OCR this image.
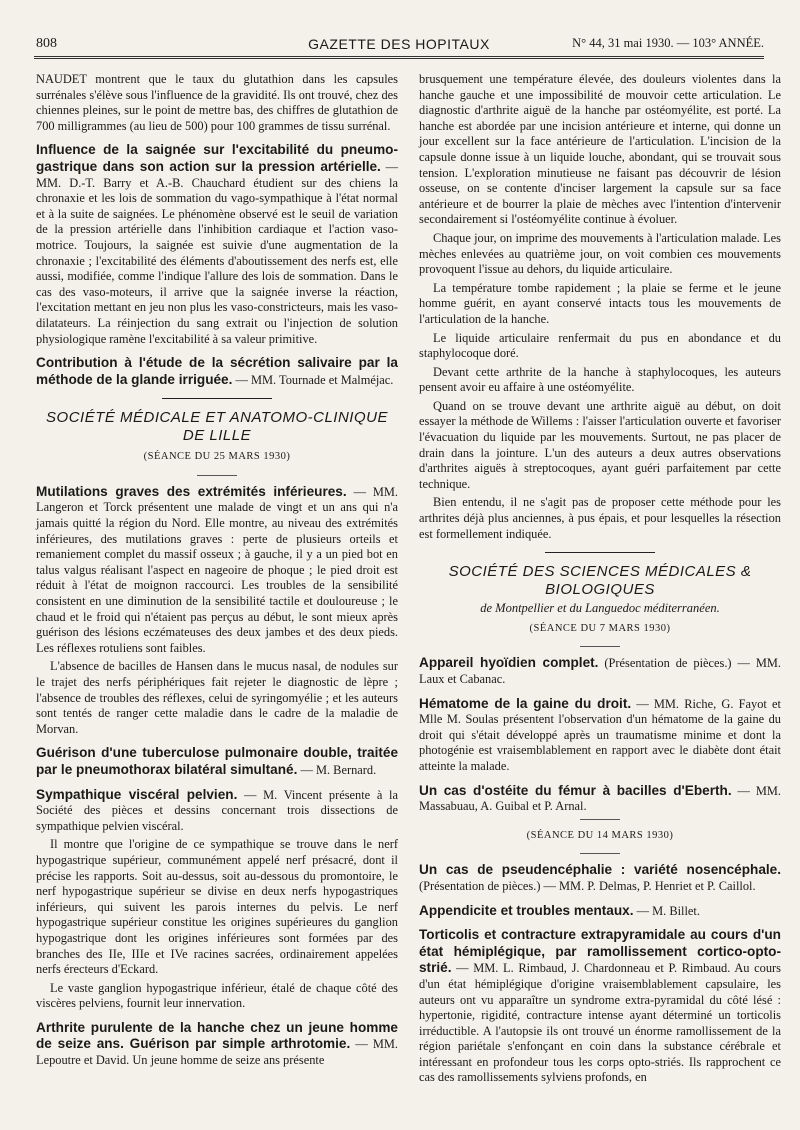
808	GAZETTE DES HOPITAUX	N° 44, 31 mai 1930. — 103° ANNÉE.

NAUDET montrent que le taux du glutathion dans les capsules surrénales s'élève sous l'influence de la gravidité. Ils ont trouvé, chez des chiennes pleines, sur le point de mettre bas, des chiffres de glutathion de 700 milligrammes (au lieu de 500) pour 100 grammes de tissu surrénal.

Influence de la saignée sur l'excitabilité du pneumo-gastrique dans son action sur la pression artérielle. — MM. D.-T. Barry et A.-B. Chauchard étudient sur des chiens la chronaxie et les lois de sommation du vago-sympathique à l'état normal et à la suite de saignées. Le phénomène observé est le seuil de variation de la pression artérielle dans l'inhibition cardiaque et l'action vaso-motrice. Toujours, la saignée est suivie d'une augmentation de la chronaxie ; l'excitabilité des éléments d'aboutissement des nerfs est, elle aussi, modifiée, comme l'indique l'allure des lois de sommation. Dans le cas des vaso-moteurs, il arrive que la saignée inverse la réaction, l'excitation mettant en jeu non plus les vaso-constricteurs, mais les vaso-dilatateurs. La réinjection du sang extrait ou l'injection de solution physiologique ramène l'excitabilité à sa valeur primitive.
Contribution à l'étude de la sécrétion salivaire par la méthode de la glande irriguée. — MM. Tournade et Malméjac.
SOCIÉTÉ MÉDICALE ET ANATOMO-CLINIQUE DE LILLE
(SÉANCE DU 25 MARS 1930)
Mutilations graves des extrémités inférieures. — MM. Langeron et Torck présentent une malade de vingt et un ans qui n'a jamais quitté la région du Nord. Elle montre, au niveau des extrémités inférieures, des mutilations graves : perte de plusieurs orteils et remaniement complet du massif osseux ; à gauche, il y a un pied bot en talus valgus réalisant l'aspect en nageoire de phoque ; le pied droit est réduit à l'état de moignon raccourci. Les troubles de la sensibilité consistent en une diminution de la sensibilité tactile et douloureuse ; le chaud et le froid qui n'étaient pas perçus au début, le sont mieux après guérison des lésions eczémateuses des deux jambes et des deux pieds. Les réflexes rotuliens sont faibles.

L'absence de bacilles de Hansen dans le mucus nasal, de nodules sur le trajet des nerfs périphériques fait rejeter le diagnostic de lèpre ; l'absence de troubles des réflexes, celui de syringomyélie ; et les auteurs sont tentés de ranger cette maladie dans le cadre de la maladie de Morvan.

Guérison d'une tuberculose pulmonaire double, traitée par le pneumothorax bilatéral simultané. — M. Bernard.
Sympathique viscéral pelvien. — M. Vincent présente à la Société des pièces et dessins concernant trois dissections de sympathique pelvien viscéral.

Il montre que l'origine de ce sympathique se trouve dans le nerf hypogastrique supérieur, communément appelé nerf présacré, dont il précise les rapports. Soit au-dessus, soit au-dessous du promontoire, le nerf hypogastrique supérieur se divise en deux nerfs hypogastriques inférieurs, qui suivent les parois internes du pelvis. Le nerf hypogastrique supérieur constitue les origines supérieures du ganglion hypogastrique dont les origines inférieures sont formées par des branches des IIe, IIIe et IVe racines sacrées, ordinairement appelées nerfs érecteurs d'Eckard.

Le vaste ganglion hypogastrique inférieur, étalé de chaque côté des viscères pelviens, fournit leur innervation.

Arthrite purulente de la hanche chez un jeune homme de seize ans. Guérison par simple arthrotomie. — MM. Lepoutre et David. Un jeune homme de seize ans présente

brusquement une température élevée, des douleurs violentes dans la hanche gauche et une impossibilité de mouvoir cette articulation. Le diagnostic d'arthrite aiguë de la hanche par ostéomyélite, est porté. La hanche est abordée par une incision antérieure et interne, qui donne un jour excellent sur la face antérieure de l'articulation. L'incision de la capsule donne issue à un liquide louche, abondant, qui se trouvait sous tension. L'exploration minutieuse ne faisant pas découvrir de lésion osseuse, on se contente d'inciser largement la capsule sur sa face antérieure et de bourrer la plaie de mèches avec l'intention d'intervenir secondairement si l'ostéomyélite continue à évoluer.

Chaque jour, on imprime des mouvements à l'articulation malade. Les mèches enlevées au quatrième jour, on voit combien ces mouvements provoquent l'issue au dehors, du liquide articulaire.

La température tombe rapidement ; la plaie se ferme et le jeune homme guérit, en ayant conservé intacts tous les mouvements de l'articulation de la hanche.

Le liquide articulaire renfermait du pus en abondance et du staphylocoque doré.

Devant cette arthrite de la hanche à staphylocoques, les auteurs pensent avoir eu affaire à une ostéomyélite.

Quand on se trouve devant une arthrite aiguë au début, on doit essayer la méthode de Willems : l'aisser l'articulation ouverte et favoriser l'évacuation du liquide par les mouvements. Surtout, ne pas placer de drain dans la jointure. L'un des auteurs a deux autres observations d'arthrites aiguës à streptocoques, ayant guéri parfaitement par cette technique.

Bien entendu, il ne s'agit pas de proposer cette méthode pour les arthrites déjà plus anciennes, à pus épais, et pour lesquelles la résection est formellement indiquée.

SOCIÉTÉ DES SCIENCES MÉDICALES & BIOLOGIQUES
de Montpellier et du Languedoc méditerranéen.
(SÉANCE DU 7 MARS 1930)
Appareil hyoïdien complet. (Présentation de pièces.) — MM. Laux et Cabanac.
Hématome de la gaine du droit. — MM. Riche, G. Fayot et Mlle M. Soulas présentent l'observation d'un hématome de la gaine du droit qui s'était développé après un traumatisme minime et dont la photogénie est vraisemblablement en rapport avec le diabète dont était atteinte la malade.
Un cas d'ostéite du fémur à bacilles d'Eberth. — MM. Massabuau, A. Guibal et P. Arnal.
(SÉANCE DU 14 MARS 1930)
Un cas de pseudencéphalie : variété nosencéphale. (Présentation de pièces.) — MM. P. Delmas, P. Henriet et P. Caillol.
Appendicite et troubles mentaux. — M. Billet.
Torticolis et contracture extrapyramidale au cours d'un état hémiplégique, par ramollissement cortico-opto-strié. — MM. L. Rimbaud, J. Chardonneau et P. Rimbaud. Au cours d'un état hémiplégique d'origine vraisemblablement capsulaire, les auteurs ont vu apparaître un syndrome extra-pyramidal du côté lésé : hypertonie, rigidité, contracture intense ayant déterminé un torticolis irréductible. A l'autopsie ils ont trouvé un énorme ramollissement de la région pariétale s'enfonçant en coin dans la substance cérébrale et intéressant en profondeur tous les corps opto-striés. Ils rapprochent ce cas des ramollissements sylviens profonds, en
